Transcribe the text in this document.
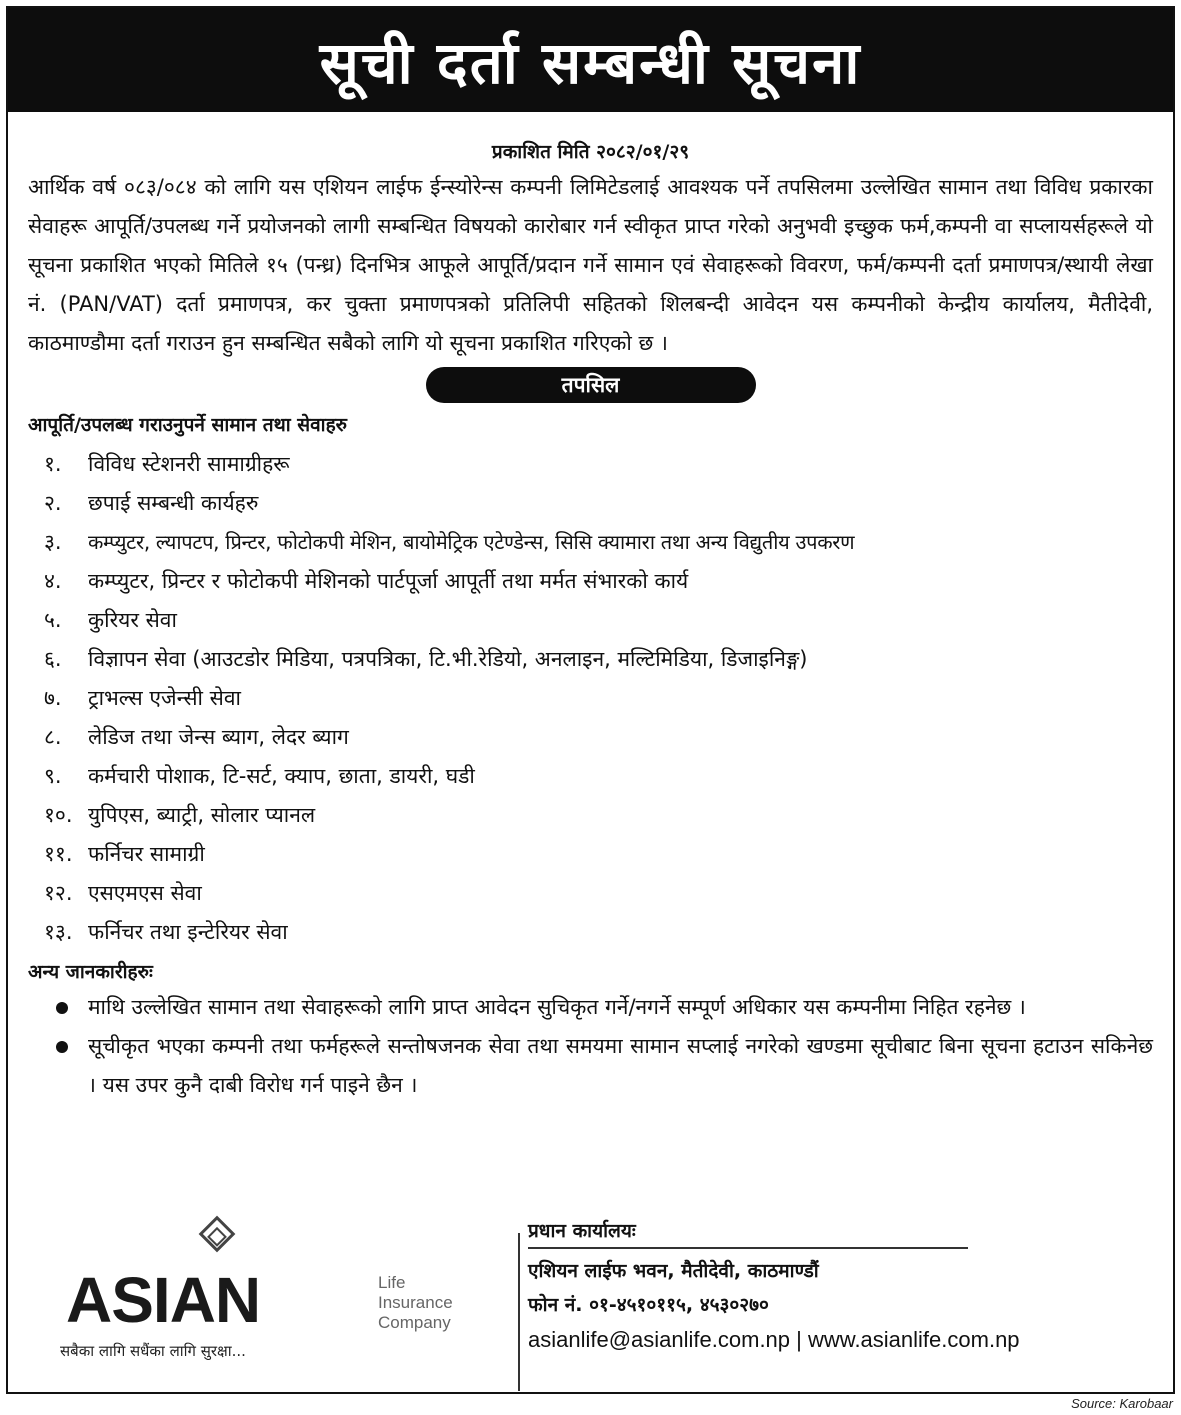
सूची दर्ता सम्बन्धी सूचना
प्रकाशित मिति २०८२/०१/२९

आर्थिक वर्ष ०८३/०८४ को लागि यस एशियन लाईफ ईन्स्योरेन्स कम्पनी लिमिटेडलाई आवश्यक पर्ने तपसिलमा उल्लेखित सामान तथा विविध प्रकारका सेवाहरू आपूर्ति/उपलब्ध गर्ने प्रयोजनको लागी सम्बन्धित विषयको कारोबार गर्न स्वीकृत प्राप्त गरेको अनुभवी इच्छुक फर्म,कम्पनी वा सप्लायर्सहरूले यो सूचना प्रकाशित भएको मितिले १५ (पन्ध्र) दिनभित्र आफूले आपूर्ति/प्रदान गर्ने सामान एवं सेवाहरूको विवरण, फर्म/कम्पनी दर्ता प्रमाणपत्र/स्थायी लेखा नं. (PAN/VAT) दर्ता प्रमाणपत्र, कर चुक्ता प्रमाणपत्रको प्रतिलिपी सहितको शिलबन्दी आवेदन यस कम्पनीको केन्द्रीय कार्यालय, मैतीदेवी, काठमाण्डौमा दर्ता गराउन हुन सम्बन्धित सबैको लागि यो सूचना प्रकाशित गरिएको छ ।

तपसिल
आपूर्ति/उपलब्ध गराउनुपर्ने सामान तथा सेवाहरु
१.	विविध स्टेशनरी सामाग्रीहरू
२.	छपाई सम्बन्धी कार्यहरु
३.	कम्प्युटर, ल्यापटप, प्रिन्टर, फोटोकपी मेशिन, बायोमेट्रिक एटेण्डेन्स, सिसि क्यामारा तथा अन्य विद्युतीय उपकरण
४.	कम्प्युटर, प्रिन्टर र फोटोकपी मेशिनको पार्टपूर्जा आपूर्ती तथा मर्मत संभारको कार्य
५.	कुरियर सेवा
६.	विज्ञापन सेवा (आउटडोर मिडिया, पत्रपत्रिका, टि.भी.रेडियो, अनलाइन, मल्टिमिडिया, डिजाइनिङ्ग)
७.	ट्राभल्स एजेन्सी सेवा
८.	लेडिज तथा जेन्स ब्याग, लेदर ब्याग
९.	कर्मचारी पोशाक, टि-सर्ट, क्याप, छाता, डायरी, घडी
१०. युपिएस, ब्याट्री, सोलार प्यानल
११. फर्निचर सामाग्री
१२. एसएमएस सेवा
१३. फर्निचर तथा इन्टेरियर सेवा
अन्य जानकारीहरुः
माथि उल्लेखित सामान तथा सेवाहरूको लागि प्राप्त आवेदन सुचिकृत गर्ने/नगर्ने सम्पूर्ण अधिकार यस कम्पनीमा निहित रहनेछ ।
सूचीकृत भएका कम्पनी तथा फर्महरूले सन्तोषजनक सेवा तथा समयमा सामान सप्लाई नगरेको खण्डमा सूचीबाट बिना सूचना हटाउन सकिनेछ । यस उपर कुनै दाबी विरोध गर्न पाइने छैन ।
ASIAN	Life
Insurance
Company
सबैका लागि सधैंका लागि सुरक्षा...
प्रधान कार्यालयः
एशियन लाईफ भवन, मैतीदेवी, काठमाण्डौं
फोन नं. ०१-४५१०११५, ४५३०२७०
asianlife@asianlife.com.np | www.asianlife.com.np
Source: Karobaar
